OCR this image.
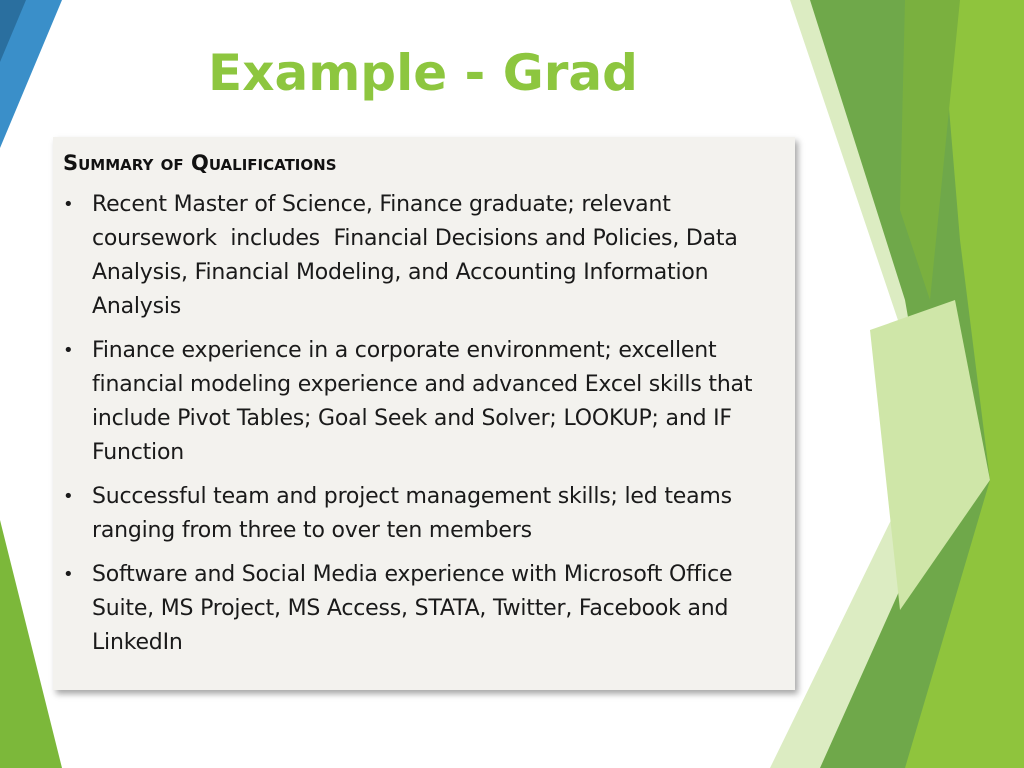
Example - Grad
Summary of Qualifications
• Recent Master of Science, Finance graduate; relevant coursework  includes  Financial Decisions and Policies, Data Analysis, Financial Modeling, and Accounting Information Analysis
• Finance experience in a corporate environment; excellent financial modeling experience and advanced Excel skills that include Pivot Tables; Goal Seek and Solver; LOOKUP; and IF Function
• Successful team and project management skills; led teams ranging from three to over ten members
• Software and Social Media experience with Microsoft Office Suite, MS Project, MS Access, STATA, Twitter, Facebook and LinkedIn
